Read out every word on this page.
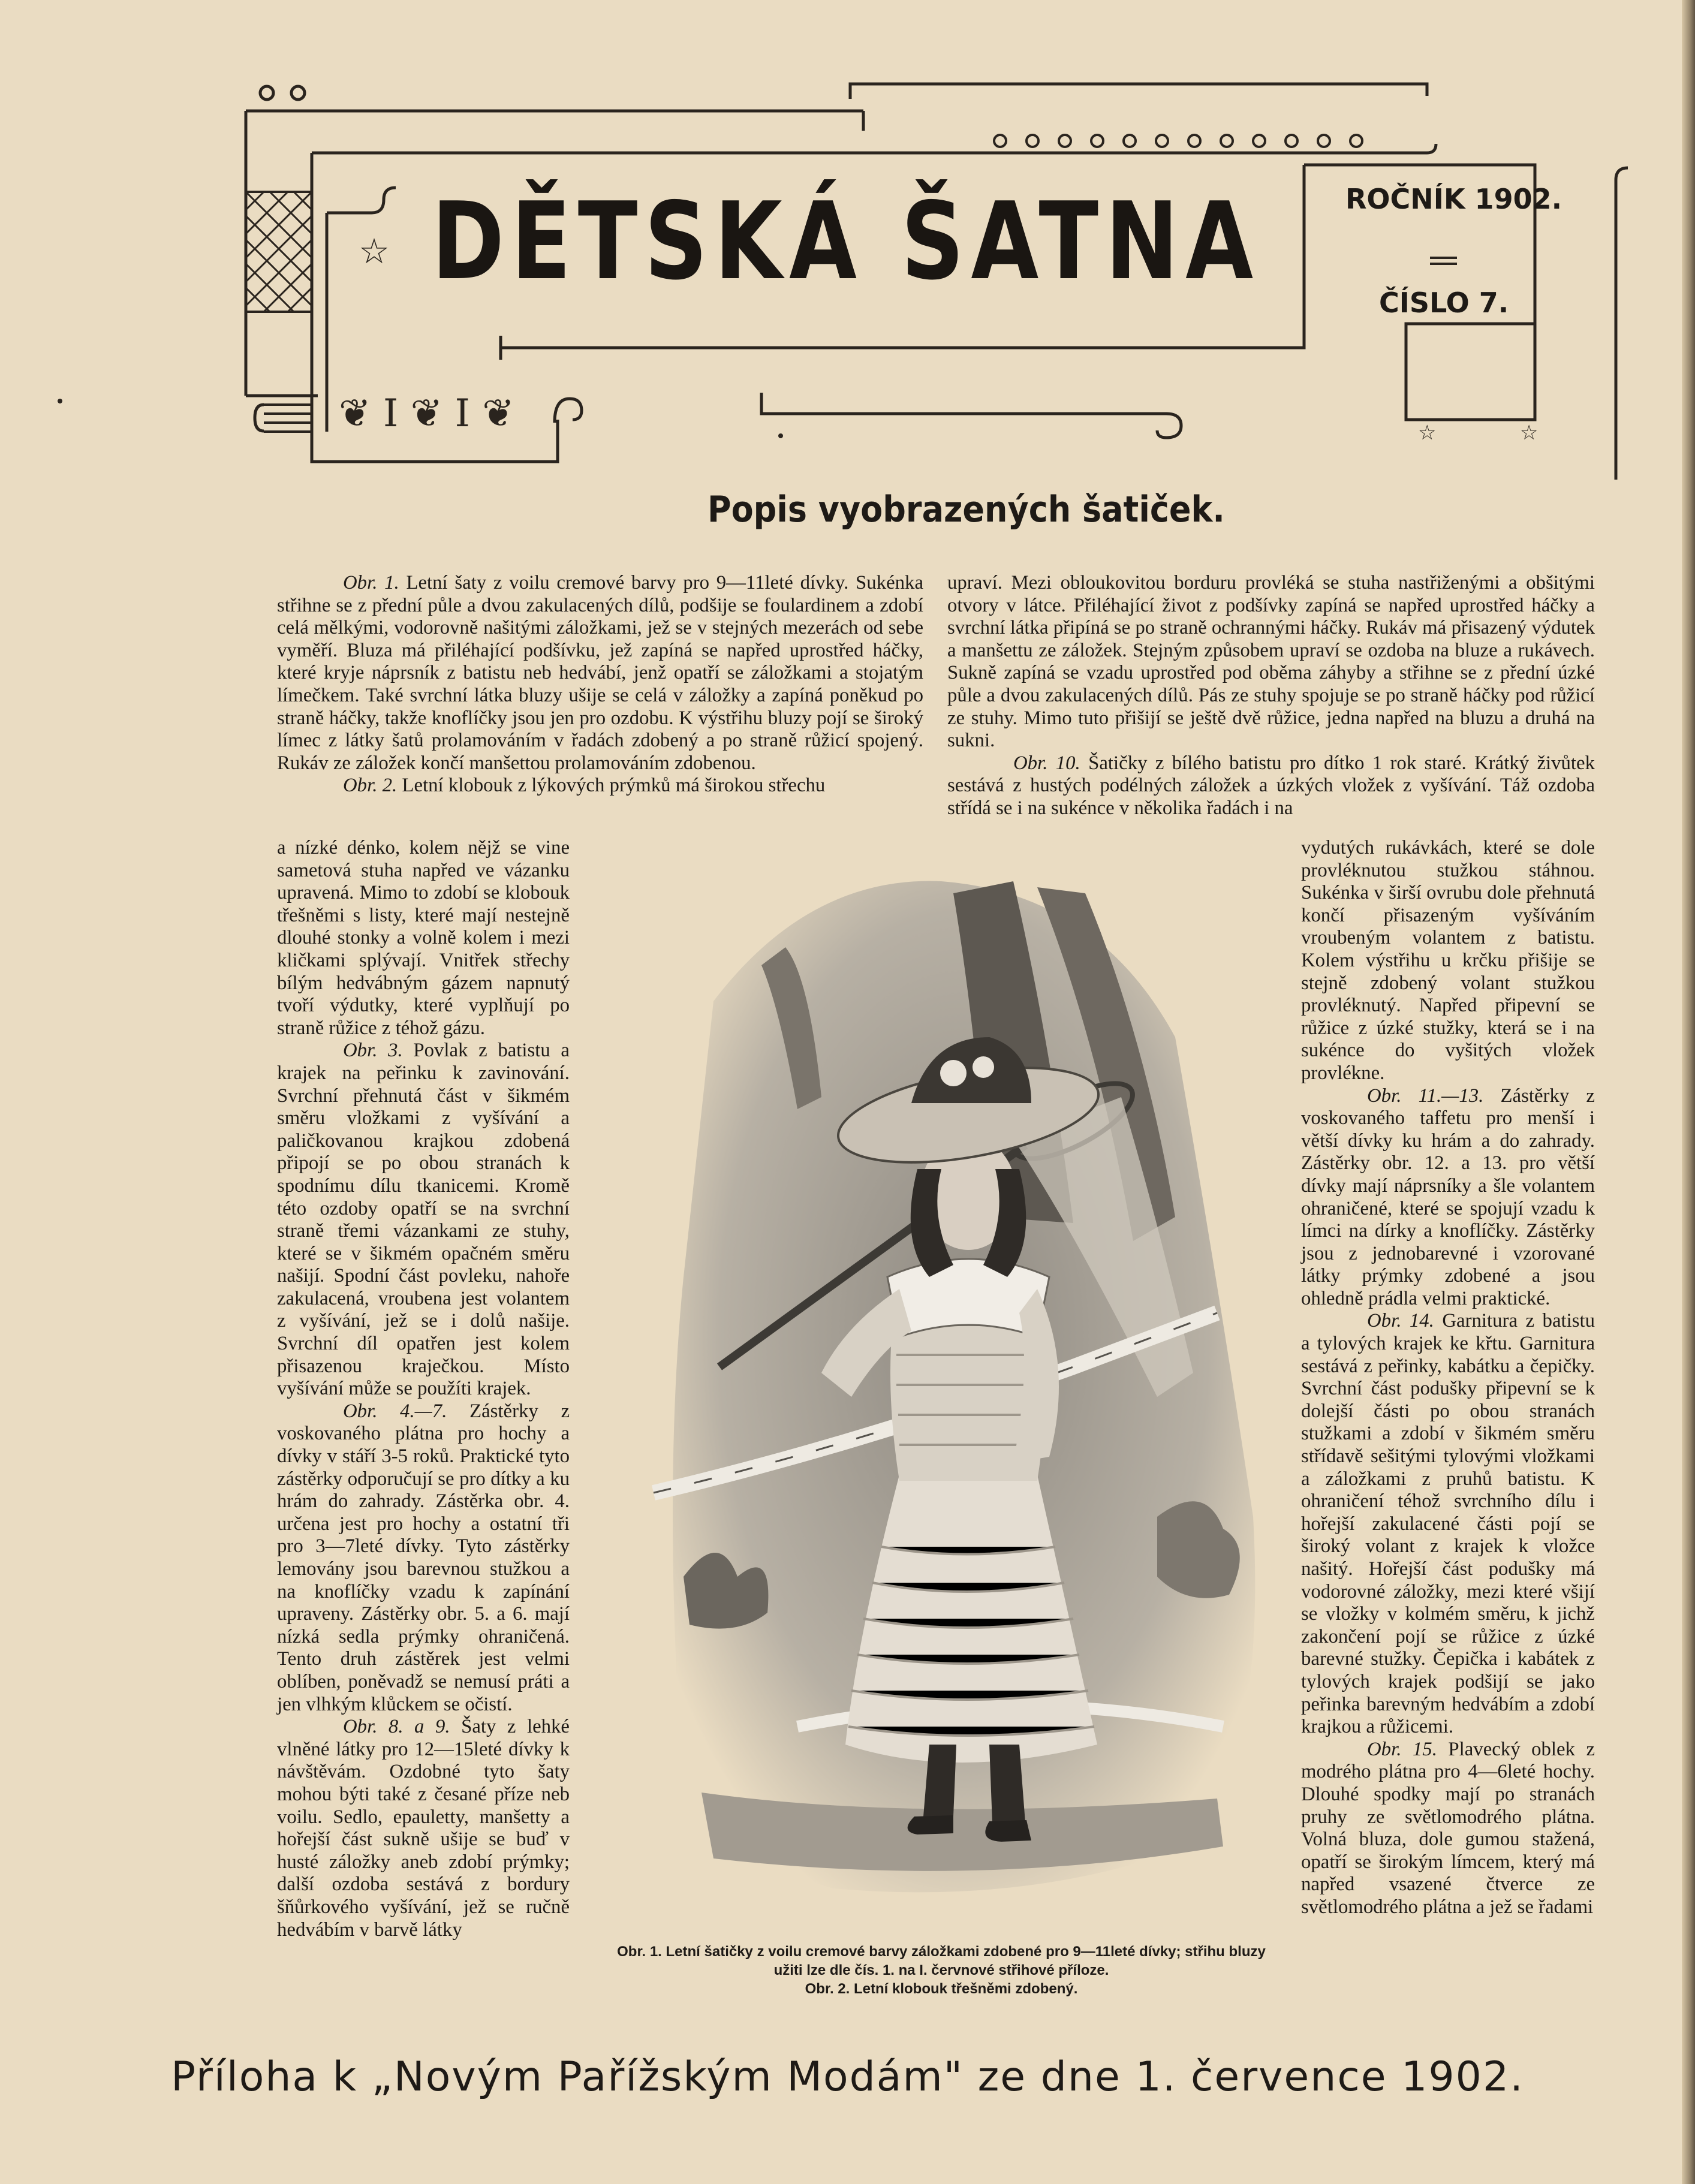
☆ DĚTSKÁ ŠATNA
❦ I ❦ I ❦
ROČNÍK 1902.
ČÍSLO 7.
☆ ☆
Popis vyobrazených šatiček.

Obr. 1. Letní šaty z voilu cremové barvy pro 9—11leté dívky. Sukénka střihne se z přední půle a dvou zakulacených dílů, podšije se foulardinem a zdobí celá mělkými, vodorovně našitými záložkami, jež se v stejných mezerách od sebe vyměří. Bluza má přiléhající podšívku, jež zapíná se napřed uprostřed háčky, které kryje náprsník z batistu neb hedvábí, jenž opatří se záložkami a stojatým límečkem. Také svrchní látka bluzy ušije se celá v záložky a zapíná poněkud po straně háčky, takže knoflíčky jsou jen pro ozdobu. K výstřihu bluzy pojí se široký límec z látky šatů prolamováním v řadách zdobený a po straně růžicí spojený. Rukáv ze záložek končí manšettou prolamováním zdobenou.

Obr. 2. Letní klobouk z lýkových prýmků má širokou střechu

a nízké dénko, kolem nějž se vine sametová stuha napřed ve vázanku upravená. Mimo to zdobí se klobouk třešněmi s listy, které mají nestejně dlouhé stonky a volně kolem i mezi kličkami splývají. Vnitřek střechy bílým hedvábným gázem napnutý tvoří výdutky, které vyplňují po straně růžice z téhož gázu.

Obr. 3. Povlak z batistu a krajek na peřinku k zavinování. Svrchní přehnutá část v šikmém směru vložkami z vyšívání a paličkovanou krajkou zdobená připojí se po obou stranách k spodnímu dílu tkanicemi. Kromě této ozdoby opatří se na svrchní straně třemi vázankami ze stuhy, které se v šikmém opačném směru našijí. Spodní část povleku, nahoře zakulacená, vroubena jest volantem z vyšívání, jež se i dolů našije. Svrchní díl opatřen jest kolem přisazenou kraječkou. Místo vyšívání může se použíti krajek.

Obr. 4.—7. Zástěrky z voskovaného plátna pro hochy a dívky v stáří 3-5 roků. Praktické tyto zástěrky odporučují se pro dítky a ku hrám do zahrady. Zástěrka obr. 4. určena jest pro hochy a ostatní tři pro 3—7leté dívky. Tyto zástěrky lemovány jsou barevnou stužkou a na knoflíčky vzadu k zapínání upraveny. Zástěrky obr. 5. a 6. mají nízká sedla prýmky ohraničená. Tento druh zástěrek jest velmi oblíben, poněvadž se nemusí práti a jen vlhkým klůckem se očistí.

Obr. 8. a 9. Šaty z lehké vlněné látky pro 12—15leté dívky k návštěvám. Ozdobné tyto šaty mohou býti také z česané příze neb voilu. Sedlo, epauletty, manšetty a hořejší část sukně ušije se buď v husté záložky aneb zdobí prýmky; další ozdoba sestává z bordury šňůrkového vyšívání, jež se ručně hedvábím v barvě látky

upraví. Mezi obloukovitou borduru provléká se stuha nastřiženými a obšitými otvory v látce. Přiléhající život z podšívky zapíná se napřed uprostřed háčky a svrchní látka připíná se po straně ochrannými háčky. Rukáv má přisazený výdutek a manšettu ze záložek. Stejným způsobem upraví se ozdoba na bluze a rukávech. Sukně zapíná se vzadu uprostřed pod oběma záhyby a střihne se z přední úzké půle a dvou zakulacených dílů. Pás ze stuhy spojuje se po straně háčky pod růžicí ze stuhy. Mimo tuto přišijí se ještě dvě růžice, jedna napřed na bluzu a druhá na sukni.

Obr. 10. Šatičky z bílého batistu pro dítko 1 rok staré. Krátký živůtek sestává z hustých podélných záložek a úzkých vložek z vyšívání. Táž ozdoba střídá se i na sukénce v několika řadách i na

vydutých rukávkách, které se dole provléknutou stužkou stáhnou. Sukénka v širší ovrubu dole přehnutá končí přisazeným vyšíváním vroubeným volantem z batistu. Kolem výstřihu u krčku přišije se stejně zdobený volant stužkou provléknutý. Napřed připevní se růžice z úzké stužky, která se i na sukénce do vyšitých vložek provlékne.

Obr. 11.—13. Zástěrky z voskovaného taffetu pro menší i větší dívky ku hrám a do zahrady. Zástěrky obr. 12. a 13. pro větší dívky mají náprsníky a šle volantem ohraničené, které se spojují vzadu k límci na dírky a knoflíčky. Zástěrky jsou z jednobarevné i vzorované látky prýmky zdobené a jsou ohledně prádla velmi praktické.

Obr. 14. Garnitura z batistu a tylových krajek ke křtu. Garnitura sestává z peřinky, kabátku a čepičky. Svrchní část podušky připevní se k dolejší části po obou stranách stužkami a zdobí v šikmém směru střídavě sešitými tylovými vložkami a záložkami z pruhů batistu. K ohraničení téhož svrchního dílu i hořejší zakulacené části pojí se široký volant z krajek k vložce našitý. Hořejší část podušky má vodorovné záložky, mezi které všijí se vložky v kolmém směru, k jichž zakončení pojí se růžice z úzké barevné stužky. Čepička i kabátek z tylových krajek podšijí se jako peřinka barevným hedvábím a zdobí krajkou a růžicemi.

Obr. 15. Plavecký oblek z modrého plátna pro 4—6leté hochy. Dlouhé spodky mají po stranách pruhy ze světlomodrého plátna. Volná bluza, dole gumou stažená, opatří se širokým límcem, který má napřed vsazené čtverce ze světlomodrého plátna a jež se řadami

Obr. 1. Letní šatičky z voilu cremové barvy záložkami zdobené pro 9—11leté dívky; střihu bluzy užiti lze dle čís. 1. na I. červnové střihové příloze.
Obr. 2. Letní klobouk třešněmi zdobený.
Příloha k „Novým Pařížským Modám" ze dne 1. července 1902.
